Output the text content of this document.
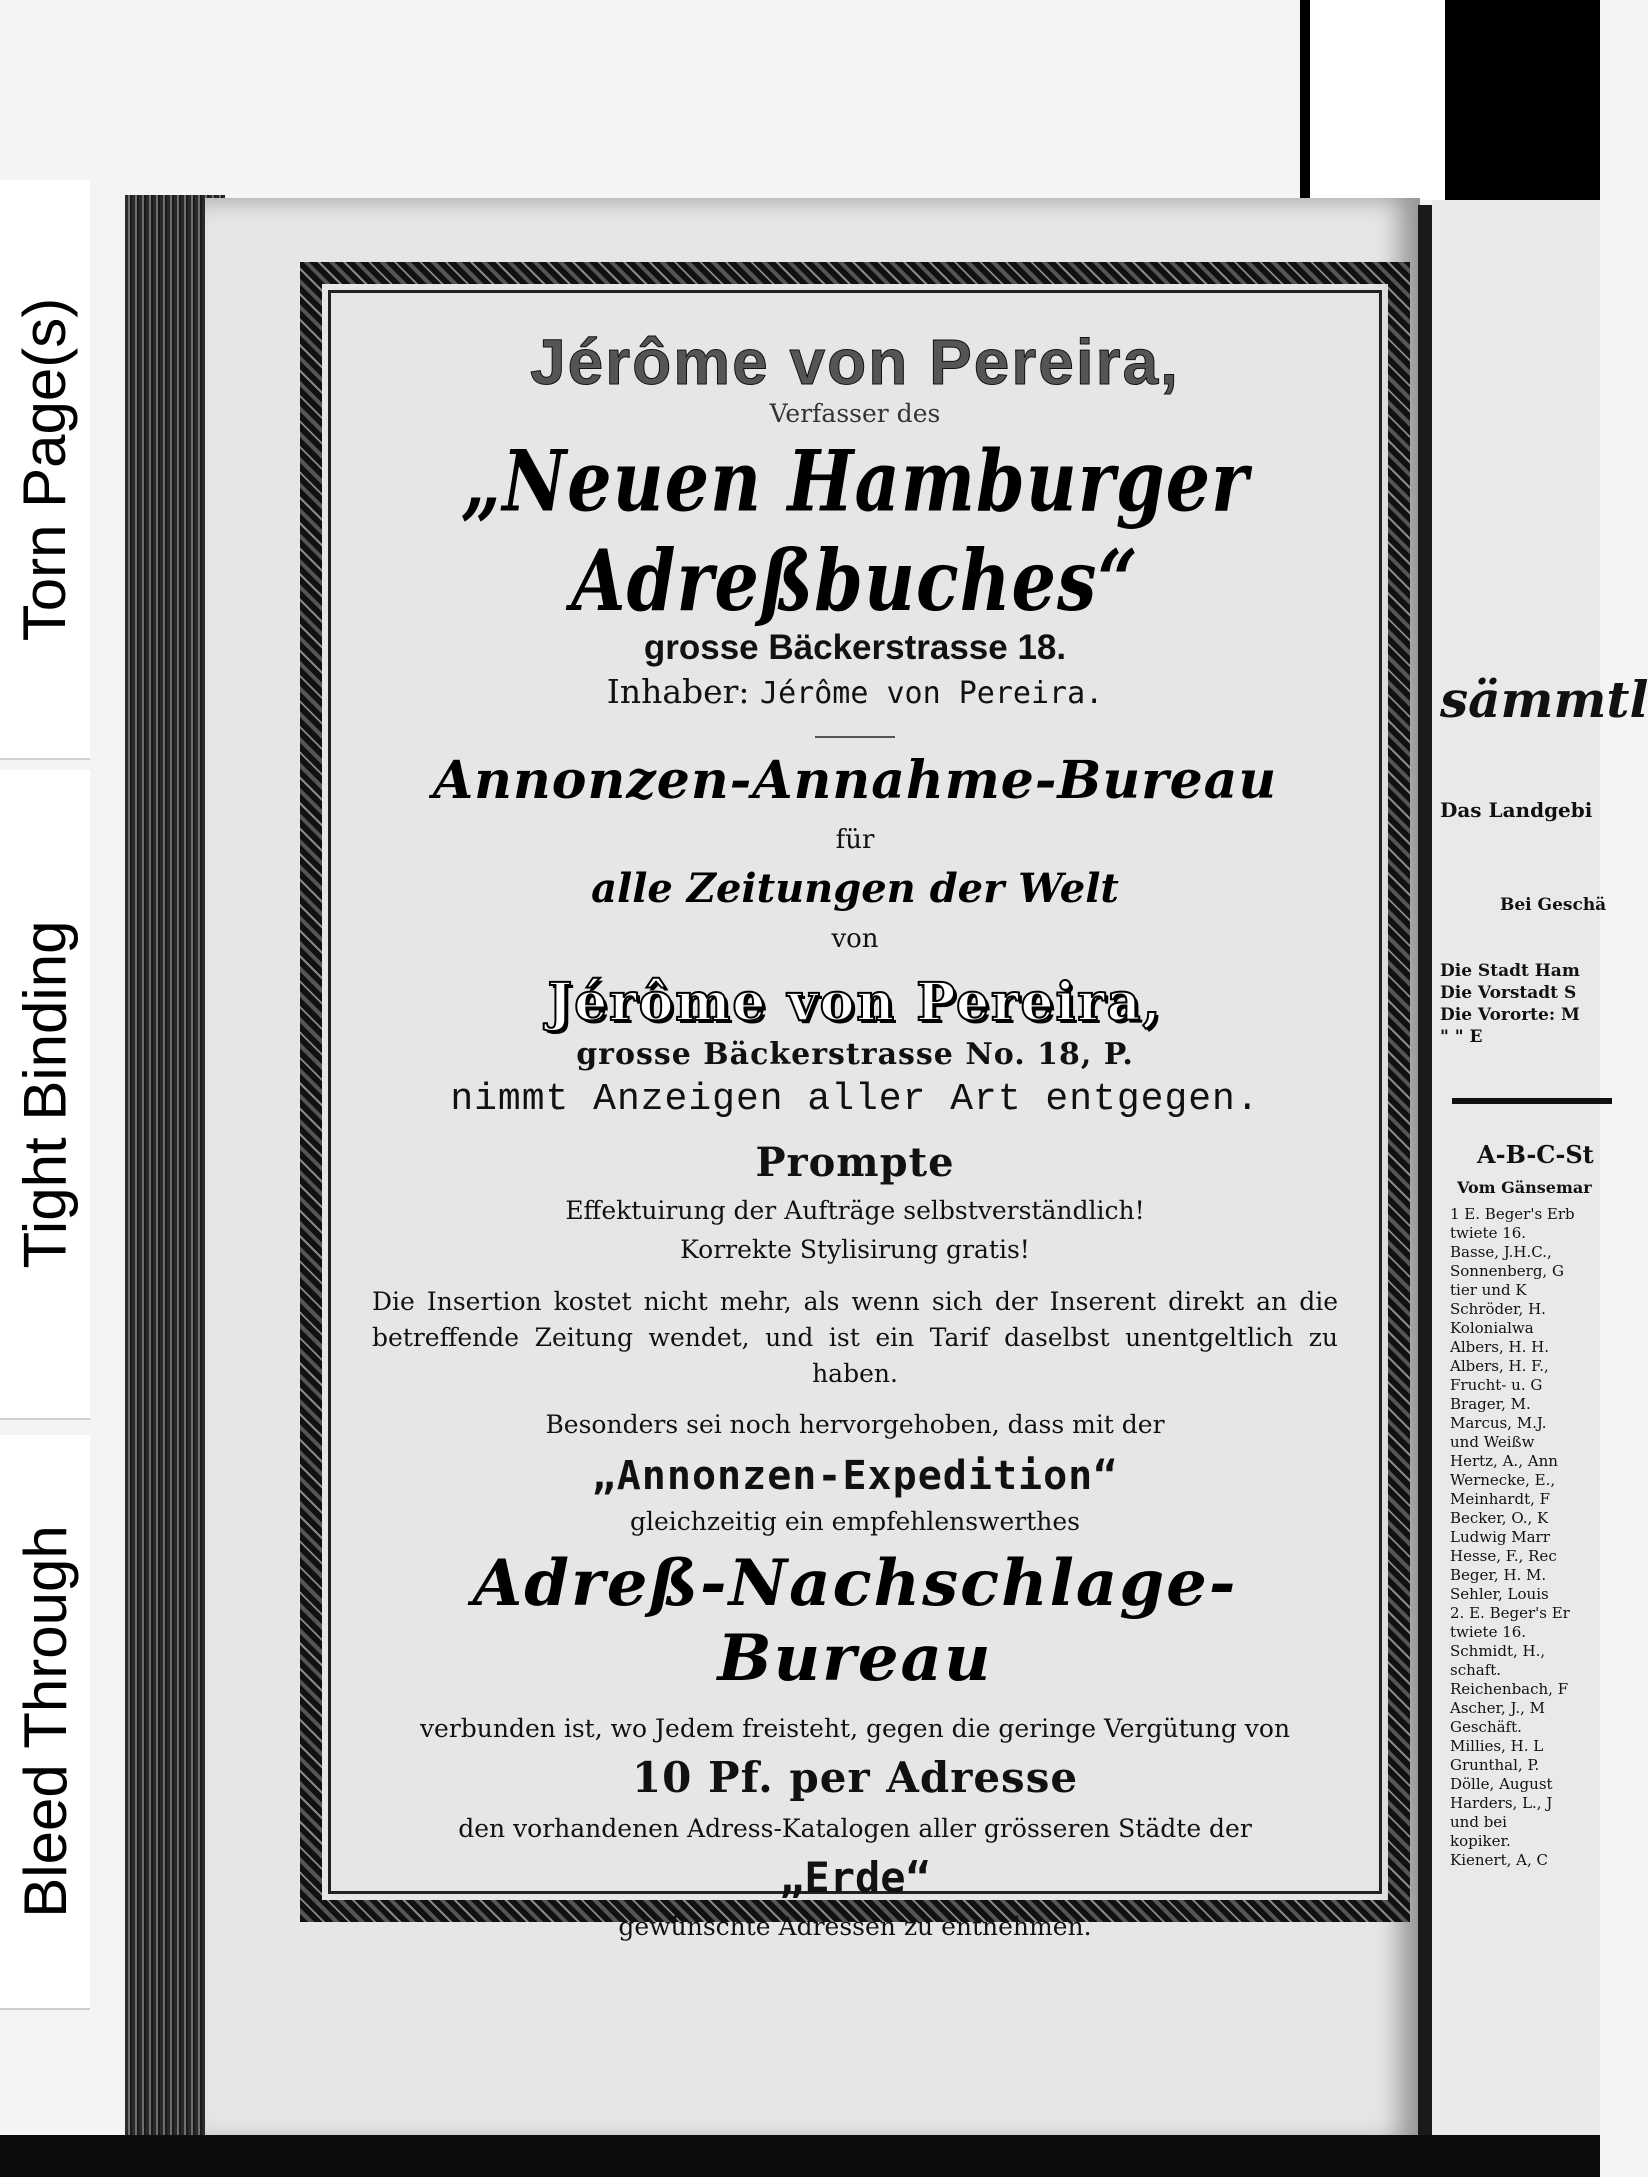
Torn Page(s)
Tight Binding
Bleed Through
Jérôme von Pereira,
Verfasser des
„Neuen Hamburger Adreßbuches“
grosse Bäckerstrasse 18.
Inhaber: Jérôme von Pereira.
Annonzen-Annahme-Bureau
für
alle Zeitungen der Welt
von
Jérôme von Pereira,
grosse Bäckerstrasse No. 18, P.
nimmt Anzeigen aller Art entgegen.
Prompte
Effektuirung der Aufträge selbstverständlich!
Korrekte Stylisirung gratis!
Die Insertion kostet nicht mehr, als wenn sich der Inserent direkt an die betreffende Zeitung wendet, und ist ein Tarif daselbst unentgeltlich zu haben.
Besonders sei noch hervorgehoben, dass mit der
„Annonzen-Expedition“
gleichzeitig ein empfehlenswerthes
Adreß-Nachschlage-Bureau
verbunden ist, wo Jedem freisteht, gegen die geringe Vergütung von
10 Pf. per Adresse
den vorhandenen Adress-Katalogen aller grösseren Städte der
„Erde“
gewünschte Adressen zu entnehmen.
sämmtl
Das Landgebi
Bei Geschä
Die Stadt Ham
Die Vorstadt S
Die Vororte: M
" " E
A-B-C-St
Vom Gänsemar
1 E. Beger's Erb
twiete 16.
Basse, J.H.C.,
Sonnenberg, G
tier und K
Schröder, H.
Kolonialwa
Albers, H. H.
Albers, H. F.,
Frucht- u. G
Brager, M.
Marcus, M.J.
und Weißw
Hertz, A., Ann
Wernecke, E.,
Meinhardt, F
Becker, O., K
Ludwig Marr
Hesse, F., Rec
Beger, H. M.
Sehler, Louis
2. E. Beger's Er
twiete 16.
Schmidt, H.,
schaft.
Reichenbach, F
Ascher, J., M
Geschäft.
Millies, H. L
Grunthal, P.
Dölle, August
Harders, L., J
und bei
kopiker.
Kienert, A, C
